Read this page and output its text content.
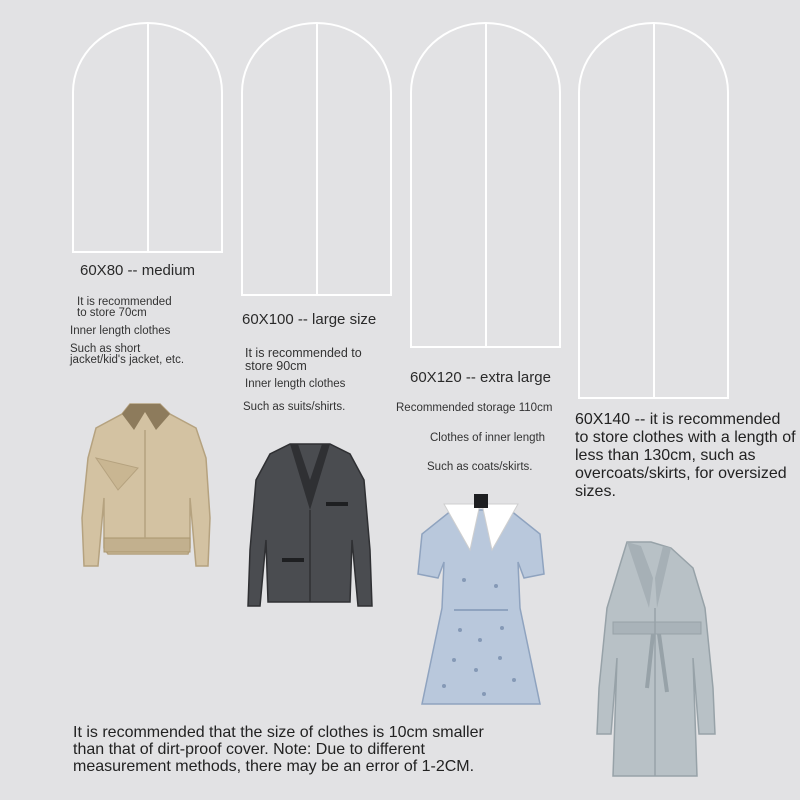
60X80 -- medium
It is recommended
to store 70cm
Inner length clothes
Such as short
jacket/kid's jacket, etc.
60X100 -- large size
It is recommended to
store 90cm
Inner length clothes
Such as suits/shirts.
60X120 -- extra large
Recommended storage 110cm
Clothes of inner length
Such as coats/skirts.
60X140 -- it is recommended to store clothes with a length of less than 130cm, such as overcoats/skirts, for oversized sizes.
It is recommended that the size of clothes is 10cm smaller than that of dirt-proof cover. Note: Due to different measurement methods, there may be an error of 1-2CM.
